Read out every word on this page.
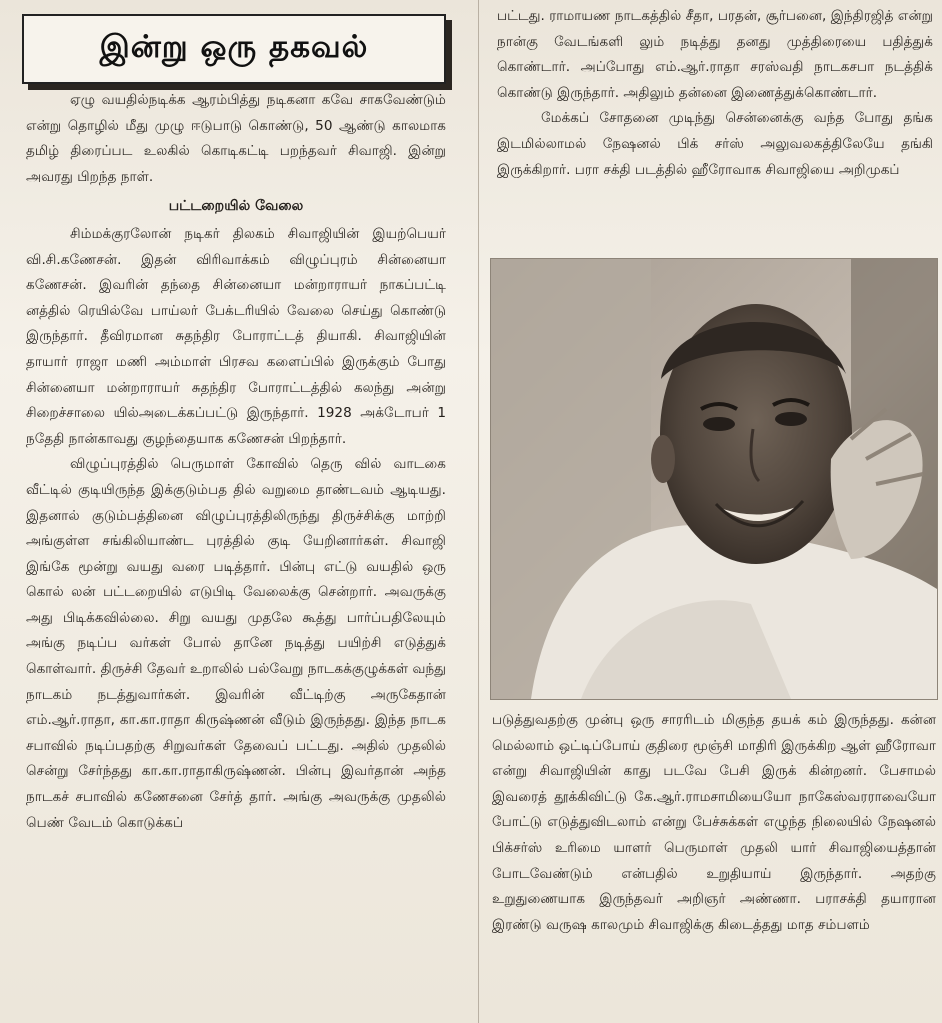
இன்று ஒரு தகவல்

ஏழு வயதில்நடிக்க ஆரம்பித்து நடிகனா கவே சாகவேண்டும் என்று தொழில் மீது முழு ஈடுபாடு கொண்டு, 50 ஆண்டு காலமாக தமிழ் திரைப்பட உலகில் கொடிகட்டி பறந்தவர் சிவாஜி. இன்று அவரது பிறந்த நாள்.

பட்டறையில் வேலை

சிம்மக்குரலோன் நடிகர் திலகம் சிவாஜியின் இயற்பெயர் வி.சி.கணேசன். இதன் விரிவாக்கம் விழுப்புரம் சின்னையா கணேசன். இவரின் தந்தை சின்னையா மன்றாராயர் நாகப்பட்டி னத்தில் ரெயில்வே பாய்லர் பேக்டரியில் வேலை செய்து கொண்டு இருந்தார். தீவிரமான சுதந்திர போராட்டத் தியாகி. சிவாஜியின் தாயார் ராஜா மணி அம்மாள் பிரசவ களைப்பில் இருக்கும் போது சின்னையா மன்றாராயர் சுதந்திர போராட்டத்தில் கலந்து அன்று சிறைச்சாலை யில்அடைக்கப்பட்டு இருந்தார். 1928 அக்டோபர் 1 நதேதி நான்காவது குழந்தையாக கணேசன் பிறந்தார்.

விழுப்புரத்தில் பெருமாள் கோவில் தெரு வில் வாடகை வீட்டில் குடியிருந்த இக்குடும்பத தில் வறுமை தாண்டவம் ஆடியது. இதனால் குடும்பத்தினை விழுப்புரத்திலிருந்து திருச்சிக்கு மாற்றி அங்குள்ள சங்கிலியாண்ட புரத்தில் குடி யேறினார்கள். சிவாஜி இங்கே மூன்று வயது வரை படித்தார். பின்பு எட்டு வயதில் ஒரு கொல் லன் பட்டறையில் எடுபிடி வேலைக்கு சென்றார். அவருக்கு அது பிடிக்கவில்லை. சிறு வயது முதலே கூத்து பார்ப்பதிலேயும் அங்கு நடிப்ப வர்கள் போல் தானே நடித்து பயிற்சி எடுத்துக் கொள்வார். திருச்சி தேவர் உறாலில் பல்வேறு நாடகக்குழுக்கள் வந்து நாடகம் நடத்துவார்கள். இவரின் வீட்டிற்கு அருகேதான் எம்.ஆர்.ராதா, கா.கா.ராதா கிருஷ்ணன் வீடும் இருந்தது. இந்த நாடக சபாவில் நடிப்பதற்கு சிறுவர்கள் தேவைப் பட்டது. அதில் முதலில் சென்று சேர்ந்தது கா.கா.ராதாகிருஷ்ணன். பின்பு இவர்தான் அந்த நாடகச் சபாவில் கணேசனை சேர்த் தார். அங்கு அவருக்கு முதலில் பெண் வேடம் கொடுக்கப்

பட்டது. ராமாயண நாடகத்தில் சீதா, பரதன், சூர்பனை, இந்திரஜித் என்று நான்கு வேடங்களி லும் நடித்து தனது முத்திரையை பதித்துக் கொண்டார். அப்போது எம்.ஆர்.ராதா சரஸ்வதி நாடகசபா நடத்திக் கொண்டு இருந்தார். அதிலும் தன்னை இணைத்துக்கொண்டார்.

மேக்கப் சோதனை முடிந்து சென்னைக்கு வந்த போது தங்க இடமில்லாமல் நேஷனல் பிக் சர்ஸ் அலுவலகத்திலேயே தங்கி இருக்கிறார். பரா சக்தி படத்தில் ஹீரோவாக சிவாஜியை அறிமுகப்

படுத்துவதற்கு முன்பு ஒரு சாரரிடம் மிகுந்த தயக் கம் இருந்தது. கன்ன மெல்லாம் ஒட்டிப்போய் குதிரை மூஞ்சி மாதிரி இருக்கிற ஆள் ஹீரோவா என்று சிவாஜியின் காது படவே பேசி இருக் கின்றனர். பேசாமல் இவரைத் தூக்கிவிட்டு கே.ஆர்.ராமசாமியையோ நாகேஸ்வரராவையோ போட்டு எடுத்துவிடலாம் என்று பேச்சுக்கள் எழுந்த நிலையில் நேஷனல் பிக்சர்ஸ் உரிமை யாளர் பெருமாள் முதலி யார் சிவாஜியைத்தான் போடவேண்டும் என்பதில் உறுதியாய் இருந்தார். அதற்கு உறுதுணையாக இருந்தவர் அறிஞர் அண்ணா. பராசக்தி தயாரான இரண்டு வருஷ காலமும் சிவாஜிக்கு கிடைத்தது மாத சம்பளம்
